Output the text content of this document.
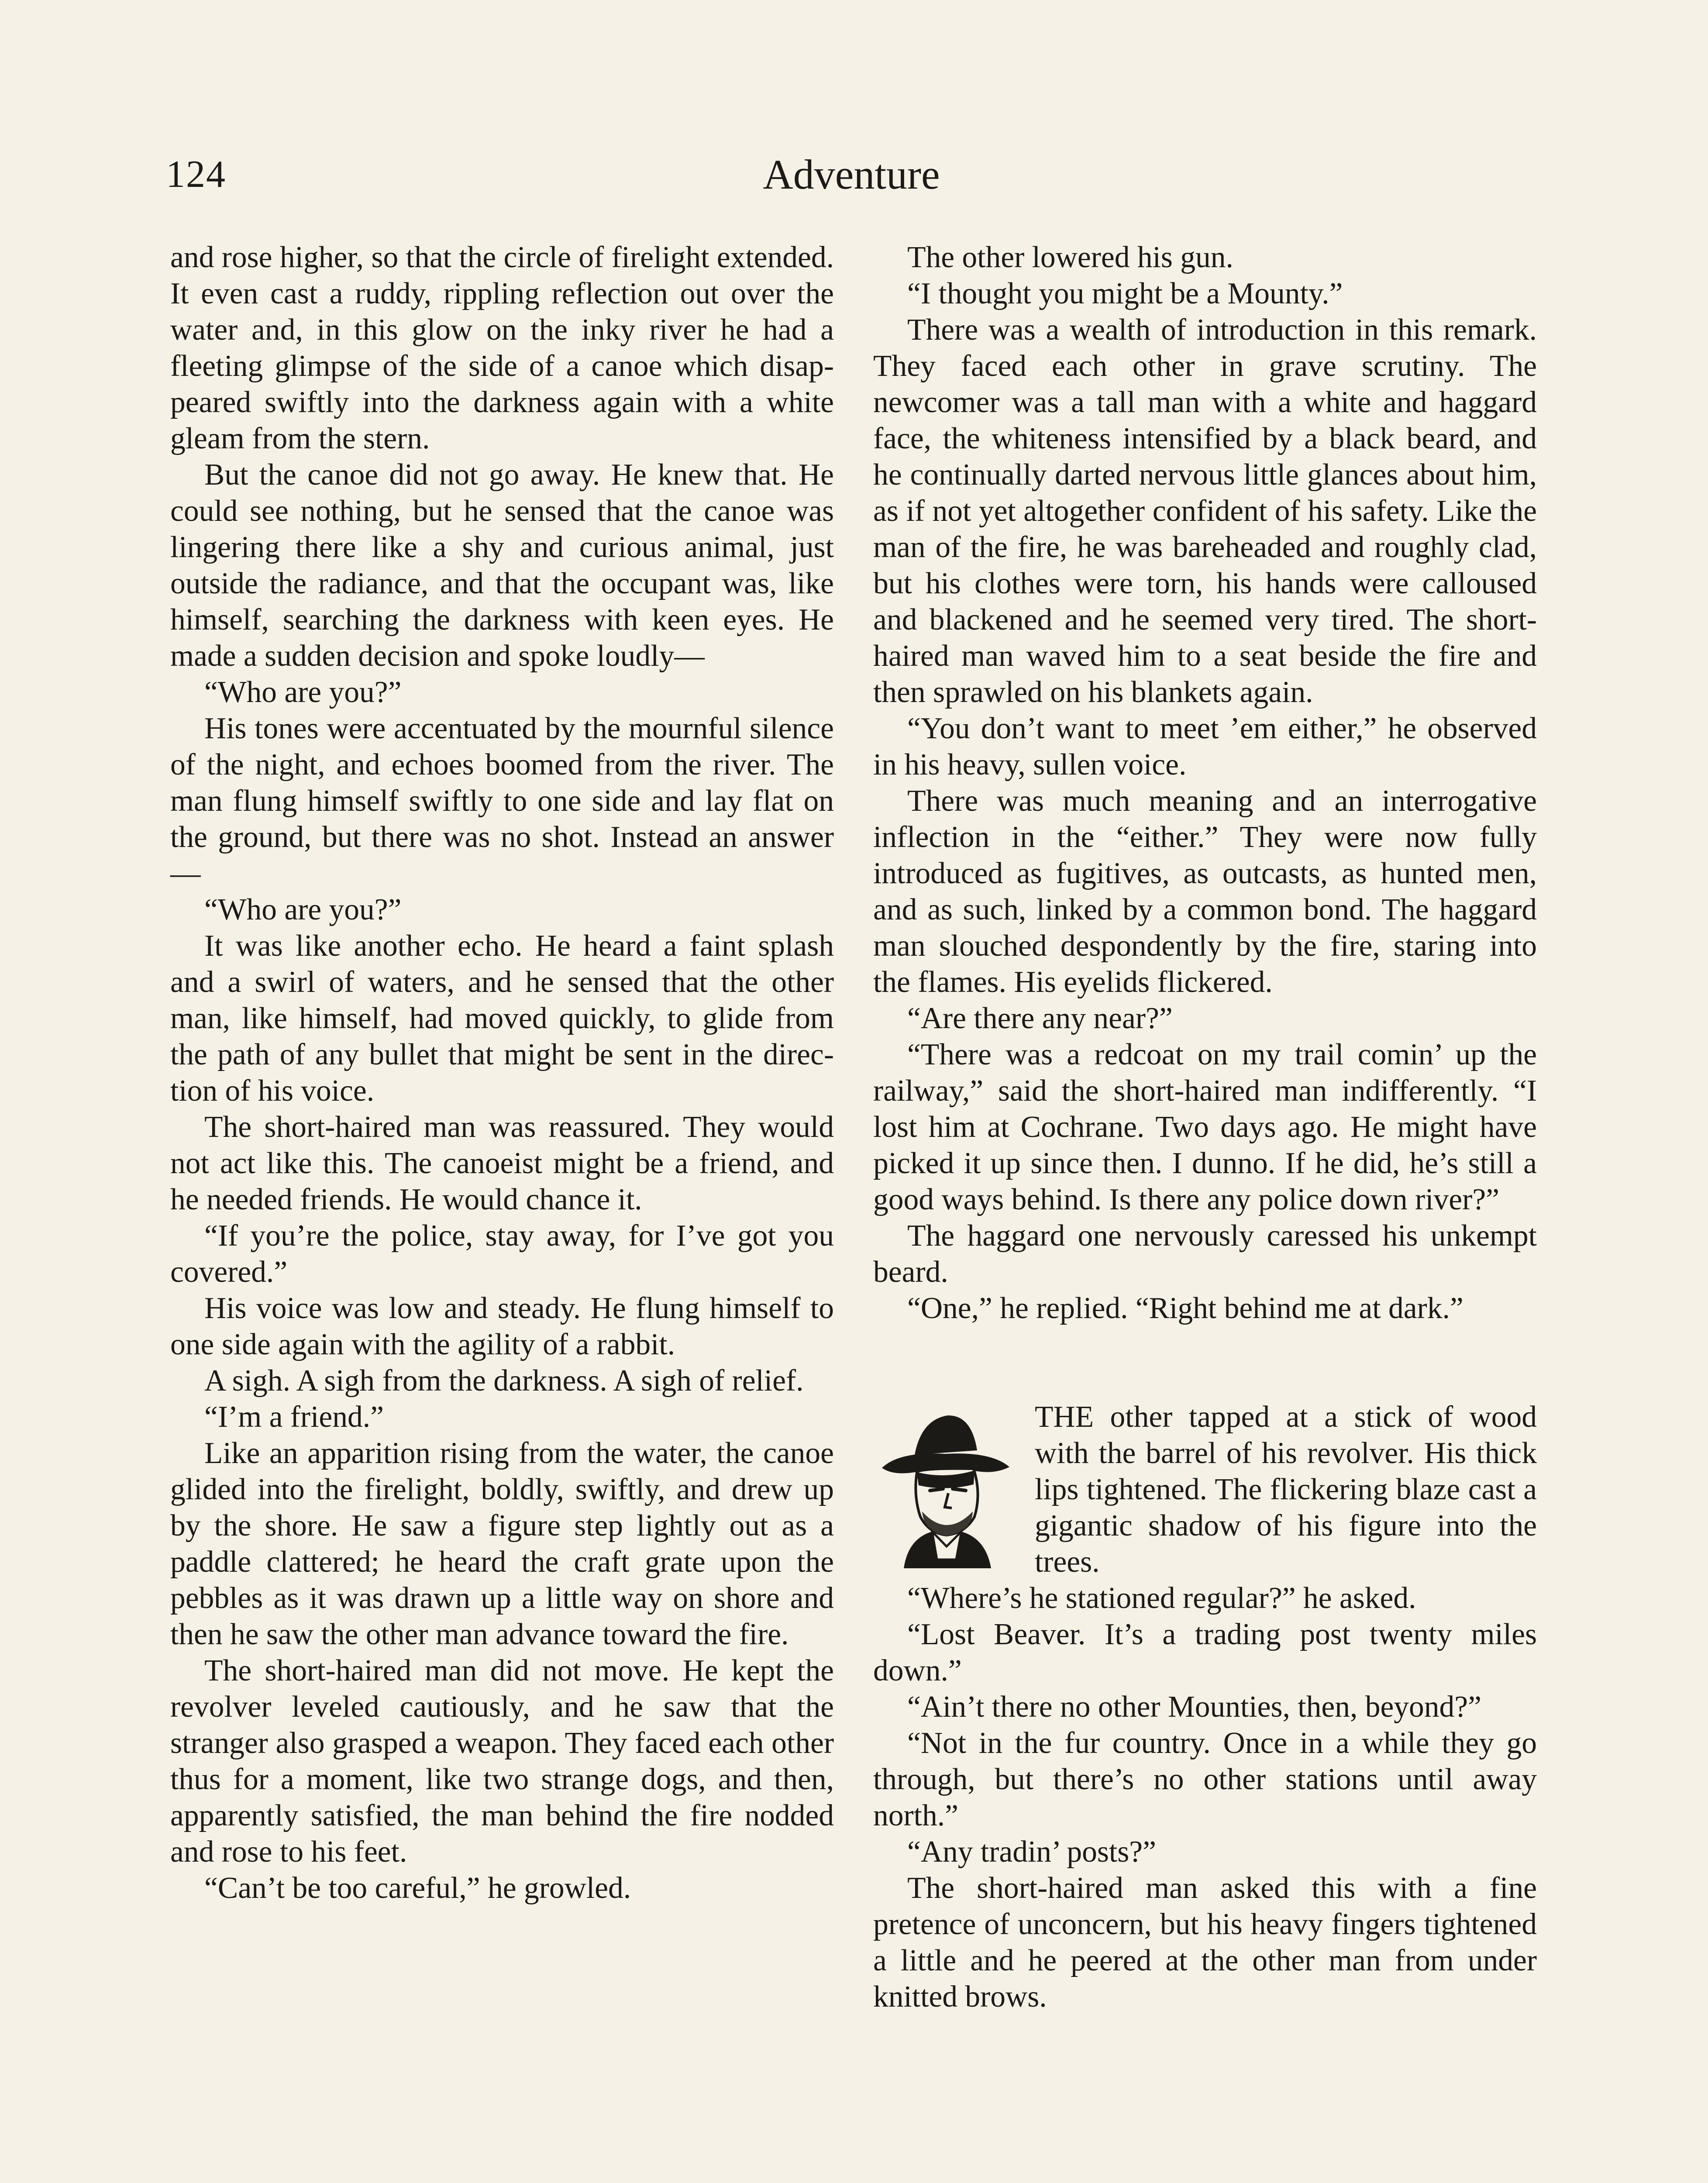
124	Adventure

and rose higher, so that the circle of firelight extended. It even cast a ruddy, rippling reflection out over the water and, in this glow on the inky river he had a fleeting glimpse of the side of a canoe which disappeared swiftly into the darkness again with a white gleam from the stern.

But the canoe did not go away. He knew that. He could see nothing, but he sensed that the canoe was lingering there like a shy and curious animal, just outside the radiance, and that the occupant was, like himself, searching the darkness with keen eyes. He made a sudden decision and spoke loudly—

“Who are you?”

His tones were accentuated by the mournful silence of the night, and echoes boomed from the river. The man flung himself swiftly to one side and lay flat on the ground, but there was no shot. Instead an answer—

“Who are you?”

It was like another echo. He heard a faint splash and a swirl of waters, and he sensed that the other man, like himself, had moved quickly, to glide from the path of any bullet that might be sent in the direction of his voice.

The short-haired man was reassured. They would not act like this. The canoeist might be a friend, and he needed friends. He would chance it.

“If you’re the police, stay away, for I’ve got you covered.”

His voice was low and steady. He flung himself to one side again with the agility of a rabbit.

A sigh. A sigh from the darkness. A sigh of relief.

“I’m a friend.”

Like an apparition rising from the water, the canoe glided into the firelight, boldly, swiftly, and drew up by the shore. He saw a figure step lightly out as a paddle clattered; he heard the craft grate upon the pebbles as it was drawn up a little way on shore and then he saw the other man advance toward the fire.

The short-haired man did not move. He kept the revolver leveled cautiously, and he saw that the stranger also grasped a weapon. They faced each other thus for a moment, like two strange dogs, and then, apparently satisfied, the man behind the fire nodded and rose to his feet.

“Can’t be too careful,” he growled.

The other lowered his gun.

“I thought you might be a Mounty.”

There was a wealth of introduction in this remark. They faced each other in grave scrutiny. The newcomer was a tall man with a white and haggard face, the whiteness intensified by a black beard, and he continually darted nervous little glances about him, as if not yet altogether confident of his safety. Like the man of the fire, he was bareheaded and roughly clad, but his clothes were torn, his hands were calloused and blackened and he seemed very tired. The short-haired man waved him to a seat beside the fire and then sprawled on his blankets again.

“You don’t want to meet ’em either,” he observed in his heavy, sullen voice.

There was much meaning and an interrogative inflection in the “either.” They were now fully introduced as fugitives, as outcasts, as hunted men, and as such, linked by a common bond. The haggard man slouched despondently by the fire, staring into the flames. His eyelids flickered.

“Are there any near?”

“There was a redcoat on my trail comin’ up the railway,” said the short-haired man indifferently. “I lost him at Cochrane. Two days ago. He might have picked it up since then. I dunno. If he did, he’s still a good ways behind. Is there any police down river?”

The haggard one nervously caressed his unkempt beard.

“One,” he replied. “Right behind me at dark.”

THE other tapped at a stick of wood with the barrel of his revolver. His thick lips tightened. The flickering blaze cast a gigantic shadow of his figure into the trees.

“Where’s he stationed regular?” he asked.

“Lost Beaver. It’s a trading post twenty miles down.”

“Ain’t there no other Mounties, then, beyond?”

“Not in the fur country. Once in a while they go through, but there’s no other stations until away north.”

“Any tradin’ posts?”

The short-haired man asked this with a fine pretence of unconcern, but his heavy fingers tightened a little and he peered at the other man from under knitted brows.
